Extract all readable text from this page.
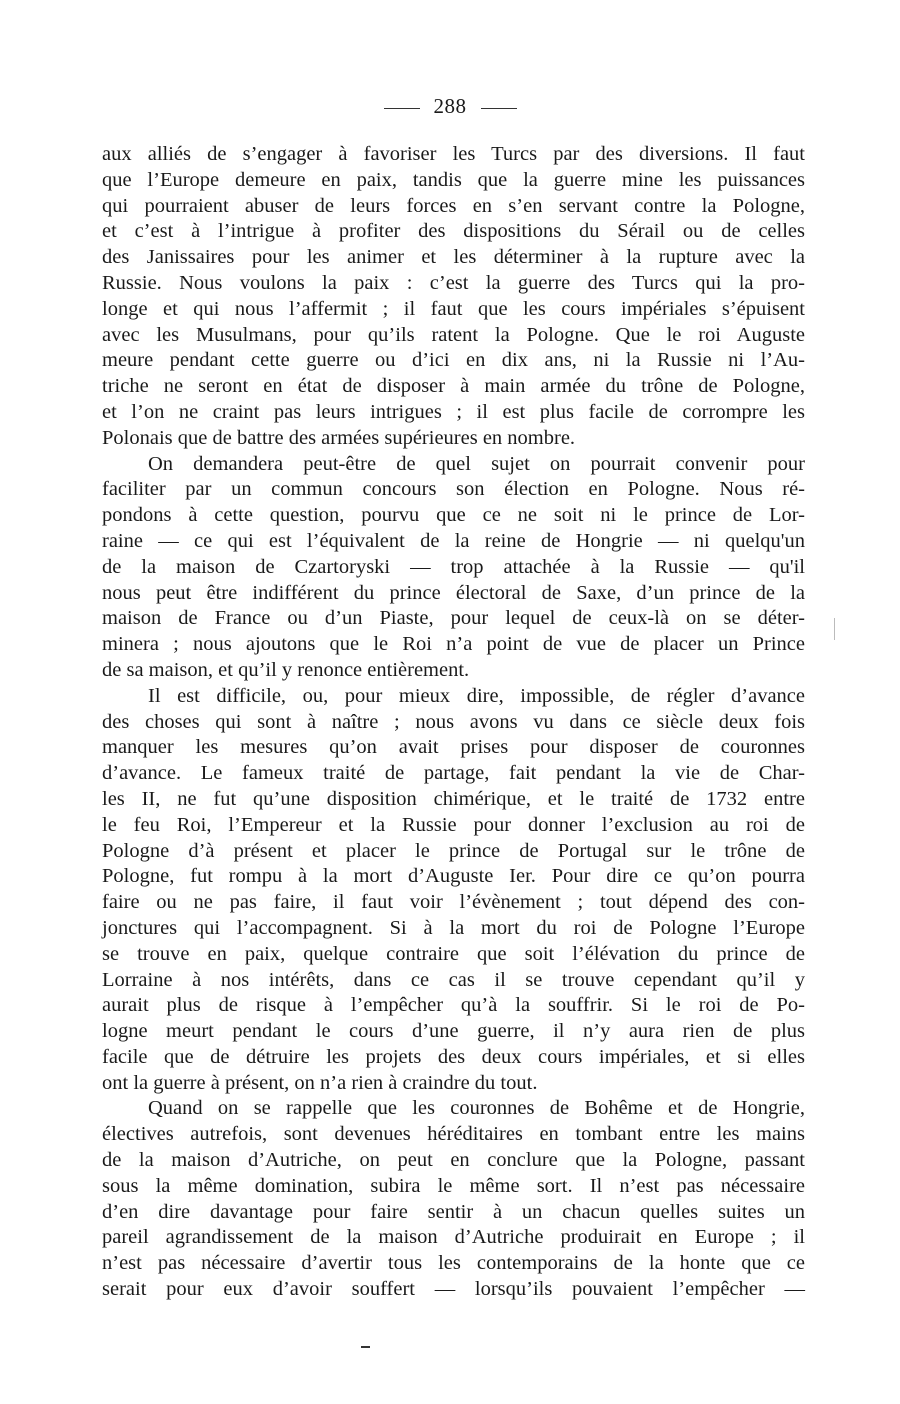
288
aux alliés de s’engager à favoriser les Turcs par des diversions. Il faut
que l’Europe demeure en paix, tandis que la guerre mine les puissances
qui pourraient abuser de leurs forces en s’en servant contre la Pologne,
et c’est à l’intrigue à profiter des dispositions du Sérail ou de celles
des Janissaires pour les animer et les déterminer à la rupture avec la
Russie. Nous voulons la paix : c’est la guerre des Turcs qui la pro-
longe et qui nous l’affermit ; il faut que les cours impériales s’épuisent
avec les Musulmans, pour qu’ils ratent la Pologne. Que le roi Auguste
meure pendant cette guerre ou d’ici en dix ans, ni la Russie ni l’Au-
triche ne seront en état de disposer à main armée du trône de Pologne,
et l’on ne craint pas leurs intrigues ; il est plus facile de corrompre les
Polonais que de battre des armées supérieures en nombre.
On demandera peut-être de quel sujet on pourrait convenir pour
faciliter par un commun concours son élection en Pologne. Nous ré-
pondons à cette question, pourvu que ce ne soit ni le prince de Lor-
raine — ce qui est l’équivalent de la reine de Hongrie — ni quelqu'un
de la maison de Czartoryski — trop attachée à la Russie — qu'il
nous peut être indifférent du prince électoral de Saxe, d’un prince de la
maison de France ou d’un Piaste, pour lequel de ceux-là on se déter-
minera ; nous ajoutons que le Roi n’a point de vue de placer un Prince
de sa maison, et qu’il y renonce entièrement.
Il est difficile, ou, pour mieux dire, impossible, de régler d’avance
des choses qui sont à naître ; nous avons vu dans ce siècle deux fois
manquer les mesures qu’on avait prises pour disposer de couronnes
d’avance. Le fameux traité de partage, fait pendant la vie de Char-
les II, ne fut qu’une disposition chimérique, et le traité de 1732 entre
le feu Roi, l’Empereur et la Russie pour donner l’exclusion au roi de
Pologne d’à présent et placer le prince de Portugal sur le trône de
Pologne, fut rompu à la mort d’Auguste Ier. Pour dire ce qu’on pourra
faire ou ne pas faire, il faut voir l’évènement ; tout dépend des con-
jonctures qui l’accompagnent. Si à la mort du roi de Pologne l’Europe
se trouve en paix, quelque contraire que soit l’élévation du prince de
Lorraine à nos intérêts, dans ce cas il se trouve cependant qu’il y
aurait plus de risque à l’empêcher qu’à la souffrir. Si le roi de Po-
logne meurt pendant le cours d’une guerre, il n’y aura rien de plus
facile que de détruire les projets des deux cours impériales, et si elles
ont la guerre à présent, on n’a rien à craindre du tout.
Quand on se rappelle que les couronnes de Bohême et de Hongrie,
électives autrefois, sont devenues héréditaires en tombant entre les mains
de la maison d’Autriche, on peut en conclure que la Pologne, passant
sous la même domination, subira le même sort. Il n’est pas nécessaire
d’en dire davantage pour faire sentir à un chacun quelles suites un
pareil agrandissement de la maison d’Autriche produirait en Europe ; il
n’est pas nécessaire d’avertir tous les contemporains de la honte que ce
serait pour eux d’avoir souffert — lorsqu’ils pouvaient l’empêcher —
